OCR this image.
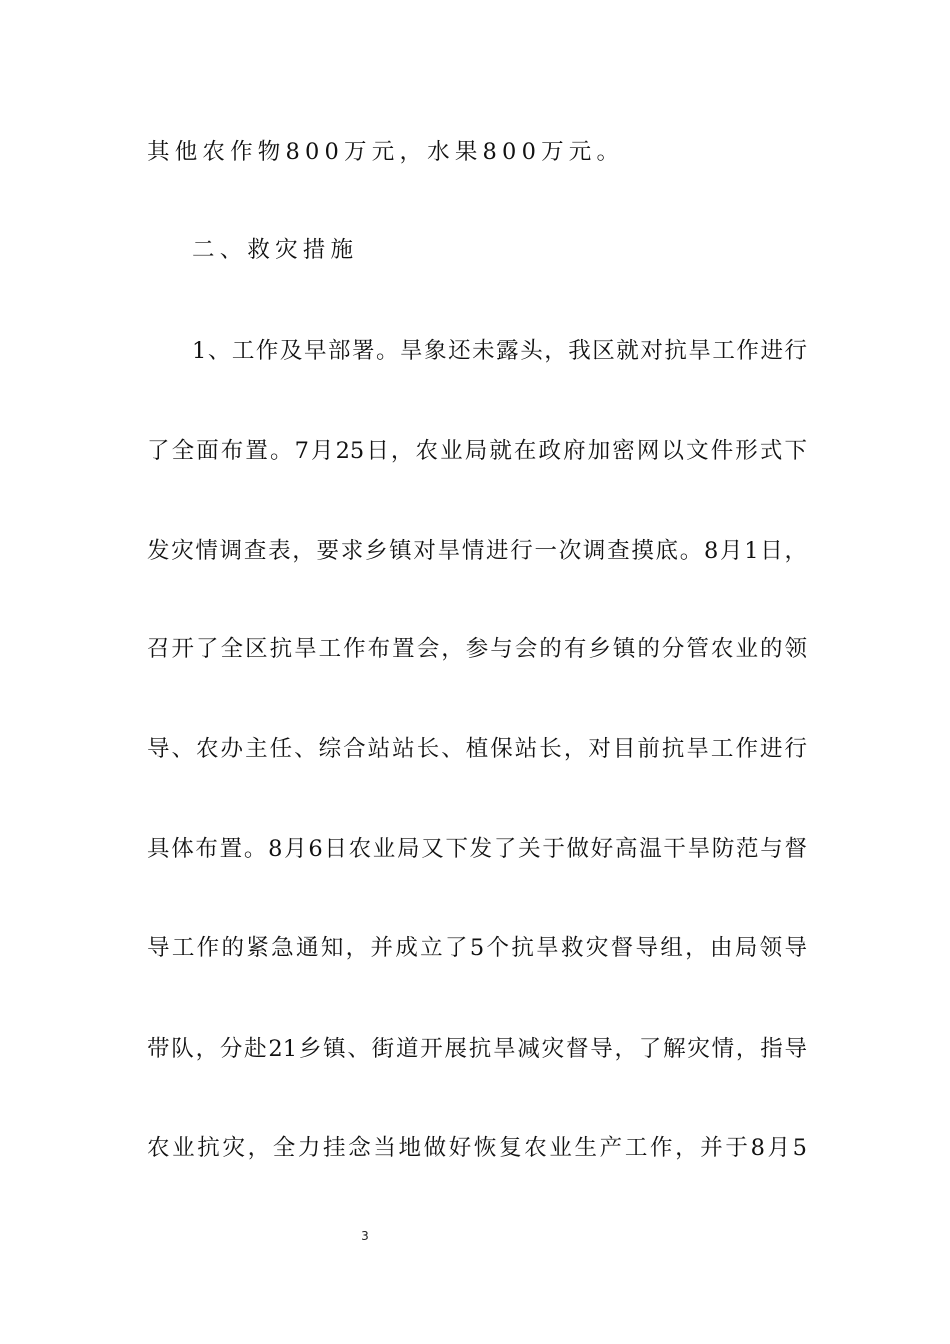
其他农作物800万元，水果800万元。
二、救灾措施
1、工作及早部署。旱象还未露头，我区就对抗旱工作进行
了全面布置。7月25日，农业局就在政府加密网以文件形式下
发灾情调查表，要求乡镇对旱情进行一次调查摸底。8月1日，
召开了全区抗旱工作布置会，参与会的有乡镇的分管农业的领
导、农办主任、综合站站长、植保站长，对目前抗旱工作进行
具体布置。8月6日农业局又下发了关于做好高温干旱防范与督
导工作的紧急通知，并成立了5个抗旱救灾督导组，由局领导
带队，分赴21乡镇、街道开展抗旱减灾督导，了解灾情，指导
农业抗灾，全力挂念当地做好恢复农业生产工作，并于8月5
3
